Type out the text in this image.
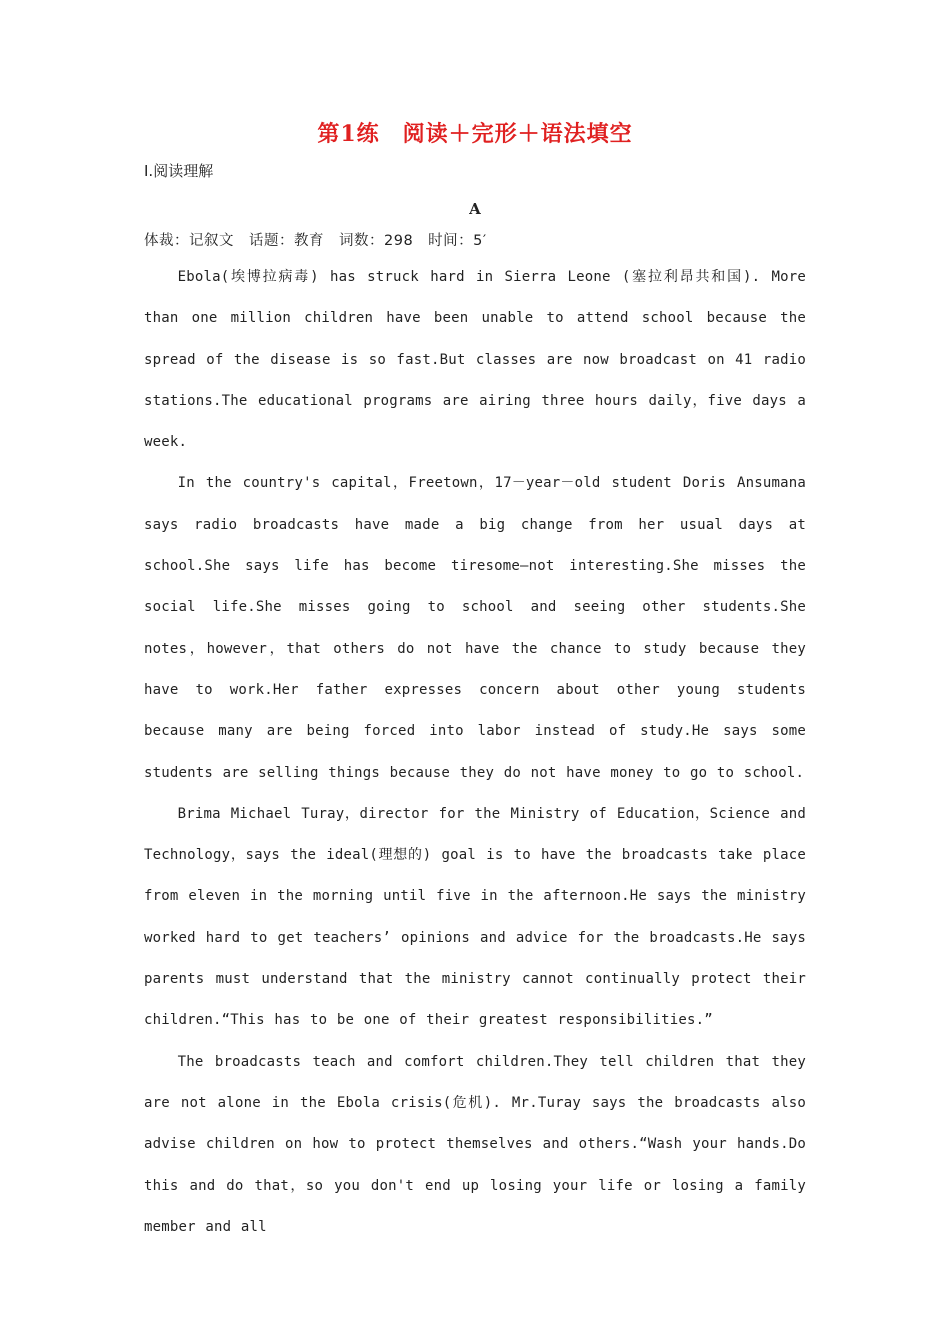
第1练　阅读＋完形＋语法填空
Ⅰ.阅读理解
A
体裁：记叙文　话题：教育　词数：298　时间：5′

Ebola(埃博拉病毒) has struck hard in Sierra Leone (塞拉利昂共和国). More than one million children have been unable to attend school because the spread of the disease is so fast.But classes are now broadcast on 41 radio stations.The educational programs are airing three hours daily，five days a week.

In the country's capital，Freetown，17－year－old student Doris Ansumana says radio broadcasts have made a big change from her usual days at school.She says life has become tiresome—not interesting.She misses the social life.She misses going to school and seeing other students.She notes，however，that others do not have the chance to study because they have to work.Her father expresses concern about other young students because many are being forced into labor instead of study.He says some students are selling things because they do not have money to go to school.

Brima Michael Turay，director for the Ministry of Education，Science and Technology，says the ideal(理想的) goal is to have the broadcasts take place from eleven in the morning until five in the afternoon.He says the ministry worked hard to get teachers’ opinions and advice for the broadcasts.He says parents must understand that the ministry cannot continually protect their children.“This has to be one of their greatest responsibilities.”

The broadcasts teach and comfort children.They tell children that they are not alone in the Ebola crisis(危机). Mr.Turay says the broadcasts also advise children on how to protect themselves and others.“Wash your hands.Do this and do that，so you don't end up losing your life or losing a family member and all
